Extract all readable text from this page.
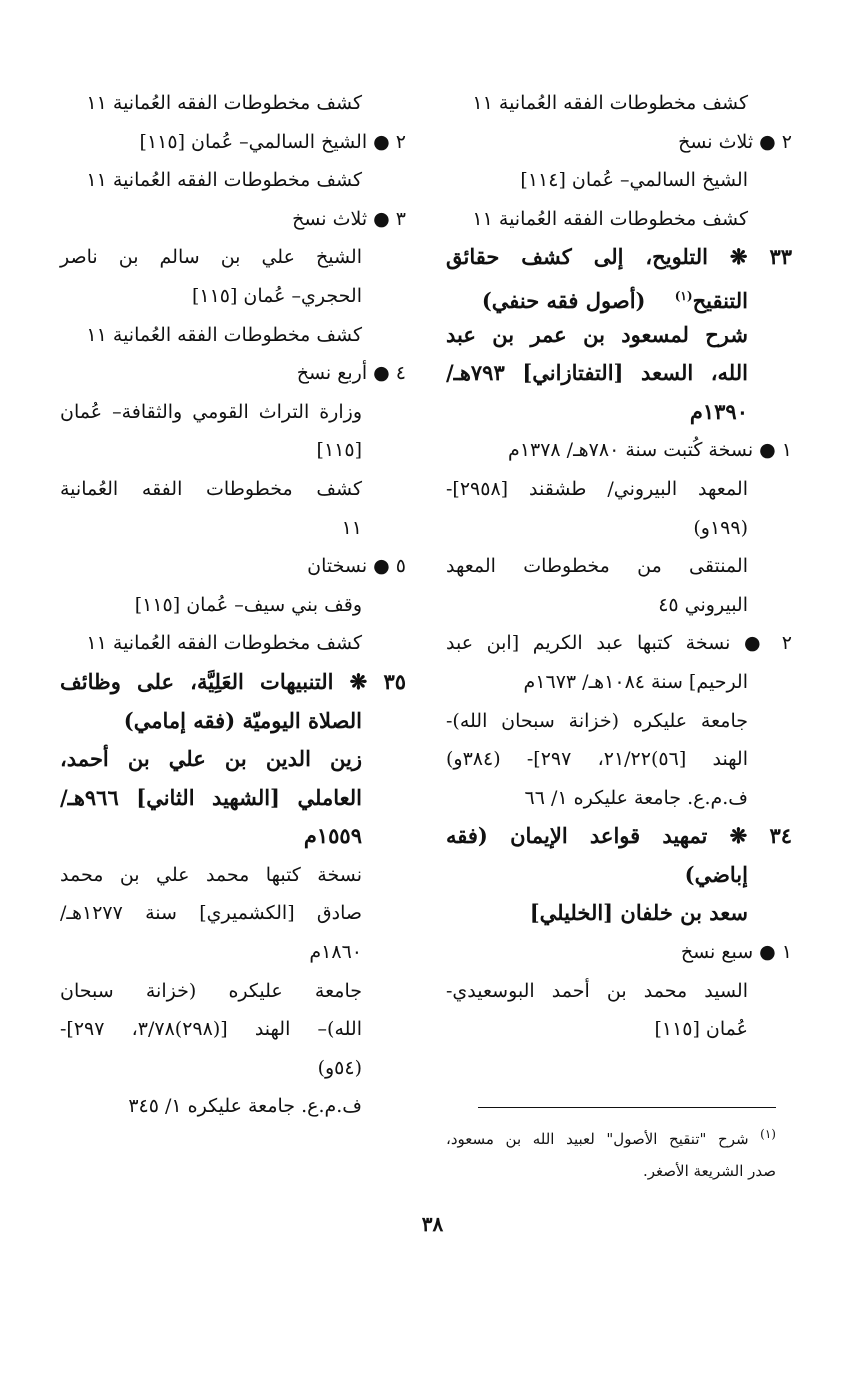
كشف مخطوطات الفقه العُمانية ١١
٢ ● ثلاث نسخ
الشيخ السالمي– عُمان [١١٤]
كشف مخطوطات الفقه العُمانية ١١
٣٣ ❋ التلويح، إلى كشف حقائق
التنقيح$^{(١)}$    (أصول فقه حنفي)
شرح لمسعود بن عمر بن عبد
الله، السعد [التفتازاني] ٧٩٣هـ/
١٣٩٠م
١ ● نسخة كُتبت سنة ٧٨٠هـ/ ١٣٧٨م
المعهد البيروني/ طشقند [٢٩٥٨]-
(١٩٩و)
المنتقى من مخطوطات المعهد
البيروني ٤٥
٢ ● نسخة كتبها عبد الكريم [ابن عبد
الرحيم] سنة ١٠٨٤هـ/ ١٦٧٣م
جامعة عليكره (خزانة سبحان الله)-
الهند [٥٦)٢١/٢٢، ٢٩٧]- (٣٨٤و)
ف.م.ع. جامعة عليكره ١/ ٦٦
٣٤ ❋ تمهيد قواعد الإيمان (فقه
إباضي)
سعد بن خلفان [الخليلي]
١ ● سبع نسخ
السيد محمد بن أحمد البوسعيدي-
عُمان [١١٥]
كشف مخطوطات الفقه العُمانية ١١
٢ ● الشيخ السالمي– عُمان [١١٥]
كشف مخطوطات الفقه العُمانية ١١
٣ ● ثلاث نسخ
الشيخ علي بن سالم بن ناصر
الحجري– عُمان [١١٥]
كشف مخطوطات الفقه العُمانية ١١
٤ ● أربع نسخ
وزارة التراث القومي والثقافة– عُمان
[١١٥]
كشف مخطوطات الفقه العُمانية
١١
٥ ● نسختان
وقف بني سيف– عُمان [١١٥]
كشف مخطوطات الفقه العُمانية ١١
٣٥ ❋ التنبيهات العَلِيَّة، على وظائف
الصلاة اليوميّة (فقه إمامي)
زين الدين بن علي بن أحمد،
العاملي [الشهيد الثاني] ٩٦٦هـ/
١٥٥٩م
نسخة كتبها محمد علي بن محمد
صادق [الكشميري] سنة ١٢٧٧هـ/
١٨٦٠م
جامعة عليكره (خزانة سبحان
الله)– الهند [(٢٩٨)٣/٧٨، ٢٩٧]-
(٥٤و)
ف.م.ع. جامعة عليكره ١/ ٣٤٥
$^{(١)}$ شرح "تنقيح الأصول" لعبيد الله بن مسعود،
صدر الشريعة الأصغر.
٣٨
